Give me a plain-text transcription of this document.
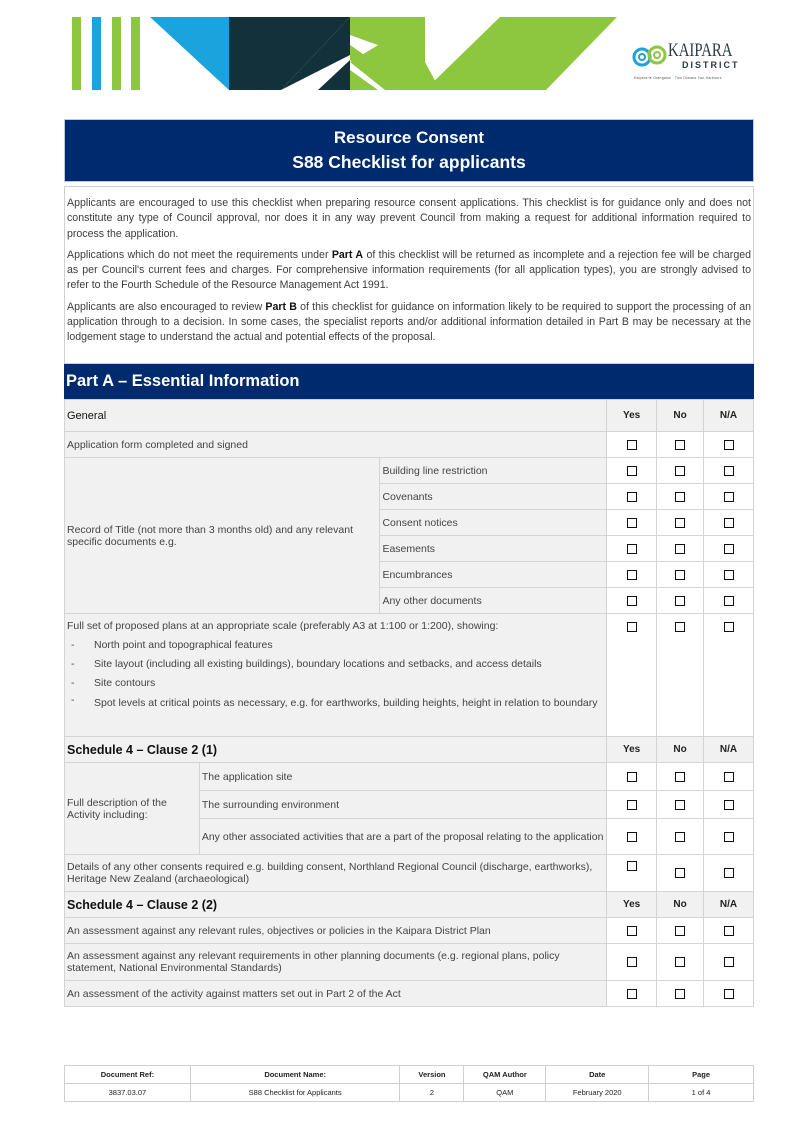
KAIPARA
DISTRICT
Kaipara te Oranganui · Two Oceans Two Harbours
Resource Consent
S88 Checklist for applicants

Applicants are encouraged to use this checklist when preparing resource consent applications. This checklist is for guidance only and does not constitute any type of Council approval, nor does it in any way prevent Council from making a request for additional information required to process the application.

Applications which do not meet the requirements under Part A of this checklist will be returned as incomplete and a rejection fee will be charged as per Council's current fees and charges. For comprehensive information requirements (for all application types), you are strongly advised to refer to the Fourth Schedule of the Resource Management Act 1991.

Applicants are also encouraged to review Part B of this checklist for guidance on information likely to be required to support the processing of an application through to a decision. In some cases, the specialist reports and/or additional information detailed in Part B may be necessary at the lodgement stage to understand the actual and potential effects of the proposal.

Part A – Essential Information
General			Yes	No	N/A
Application form completed and signed					
Record of Title (not more than 3 months old) and any relevant specific documents e.g.		Building line restriction			
		Covenants			
		Consent notices			
		Easements			
		Encumbrances			
		Any other documents			

Full set of proposed plans at an appropriate scale (preferably A3 at 1:100 or 1:200), showing:
- North point and topographical features
- Site layout (including all existing buildings), boundary locations and setbacks, and access details
- Site contours
- Spot levels at critical points as necessary, e.g. for earthworks, building heights, height in relation to boundary

Schedule 4 – Clause 2 (1)			Yes	No	N/A
Full description of the Activity including:	The application site				
	The surrounding environment				
	Any other associated activities that are a part of the proposal relating to the application				
Details of any other consents required e.g. building consent, Northland Regional Council (discharge, earthworks), Heritage New Zealand (archaeological)					
Schedule 4 – Clause 2 (2)			Yes	No	N/A
An assessment against any relevant rules, objectives or policies in the Kaipara District Plan					
An assessment against any relevant requirements in other planning documents (e.g. regional plans, policy statement, National Environmental Standards)					
An assessment of the activity against matters set out in Part 2 of the Act					
Document Ref:	Document Name:	Version	QAM Author	Date	Page
3837.03.07	S88 Checklist for Applicants	2	QAM	February 2020	1 of 4
